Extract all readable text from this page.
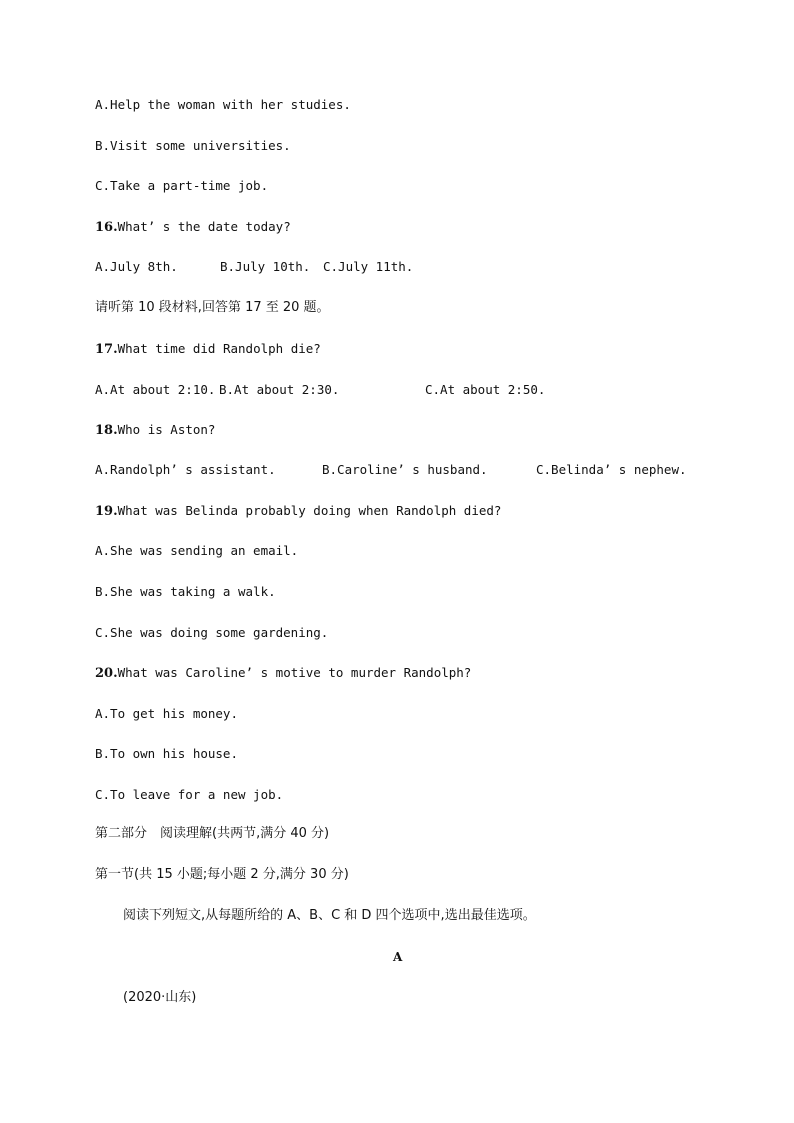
A.Help the woman with her studies.
B.Visit some universities.
C.Take a part-time job.
16.What’ s the date today?
A.July 8th.	B.July 10th. C.July 11th.
请听第 10 段材料,回答第 17 至 20 题。
17.What time did Randolph die?
A.At about 2:10. B.At about 2:30.	C.At about 2:50.
18.Who is Aston?
A.Randolph’ s assistant.	B.Caroline’ s husband.	C.Belinda’ s nephew.
19.What was Belinda probably doing when Randolph died?
A.She was sending an email.
B.She was taking a walk.
C.She was doing some gardening.
20.What was Caroline’ s motive to murder Randolph?
A.To get his money.
B.To own his house.
C.To leave for a new job.
第二部分　阅读理解(共两节,满分 40 分)
第一节(共 15 小题;每小题 2 分,满分 30 分)
阅读下列短文,从每题所给的 A、B、C 和 D 四个选项中,选出最佳选项。
A
(2020·山东)
